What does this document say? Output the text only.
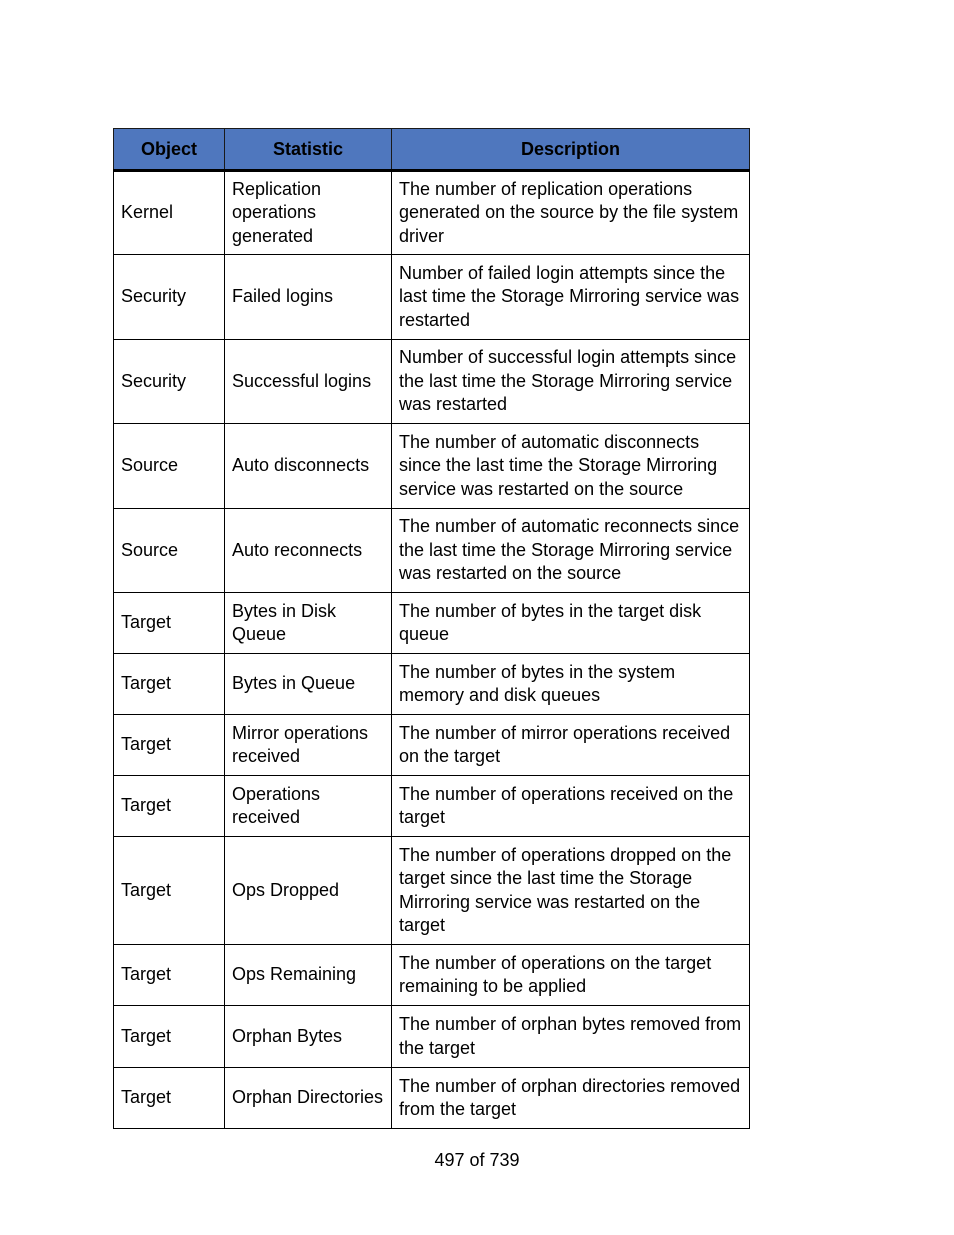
Object	Statistic	Description
Kernel	Replication operations generated	The number of replication operations generated on the source by the file system driver
Security	Failed logins	Number of failed login attempts since the last time the Storage Mirroring service was restarted
Security	Successful logins	Number of successful login attempts since the last time the Storage Mirroring service was restarted
Source	Auto disconnects	The number of automatic disconnects since the last time the Storage Mirroring service was restarted on the source
Source	Auto reconnects	The number of automatic reconnects since the last time the Storage Mirroring service was restarted on the source
Target	Bytes in Disk Queue	The number of bytes in the target disk queue
Target	Bytes in Queue	The number of bytes in the system memory and disk queues
Target	Mirror operations received	The number of mirror operations received on the target
Target	Operations received	The number of operations received on the target
Target	Ops Dropped	The number of operations dropped on the target since the last time the Storage Mirroring service was restarted on the target
Target	Ops Remaining	The number of operations on the target remaining to be applied
Target	Orphan Bytes	The number of orphan bytes removed from the target
Target	Orphan Directories	The number of orphan directories removed from the target
497 of 739
